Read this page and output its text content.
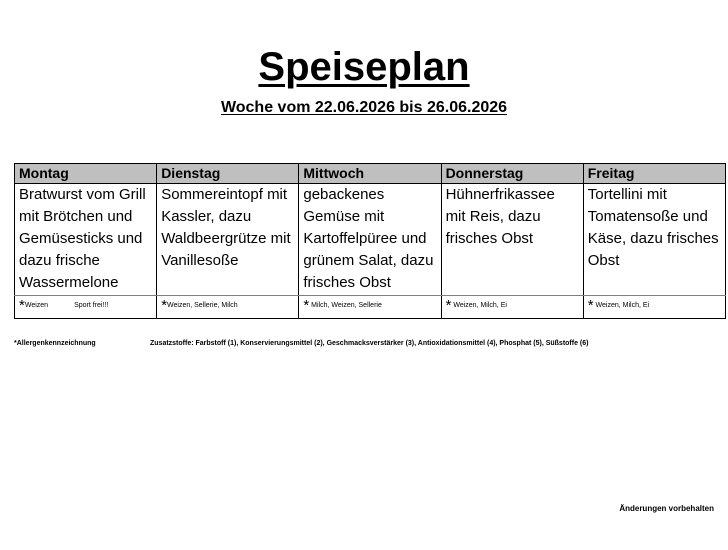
Speiseplan
Woche vom 22.06.2026 bis 26.06.2026
Montag	Dienstag	Mittwoch	Donnerstag	Freitag
Bratwurst vom Grill mit Brötchen und Gemüsesticks und dazu frische Wassermelone	Sommereintopf mit Kassler, dazu Waldbeergrütze mit Vanillesoße	gebackenes Gemüse mit Kartoffelpüree und grünem Salat, dazu frisches Obst	Hühnerfrikassee mit Reis, dazu frisches Obst	Tortellini mit Tomatensoße und Käse, dazu frisches Obst
*Weizen Sport frei!!!	*Weizen, Sellerie, Milch	* Milch, Weizen, Sellerie	* Weizen, Milch, Ei	* Weizen, Milch, Ei
*Allergenkennzeichnung	Zusatzstoffe: Farbstoff (1), Konservierungsmittel (2), Geschmacksverstärker (3), Antioxidationsmittel (4), Phosphat (5), Süßstoffe (6)
Änderungen vorbehalten
